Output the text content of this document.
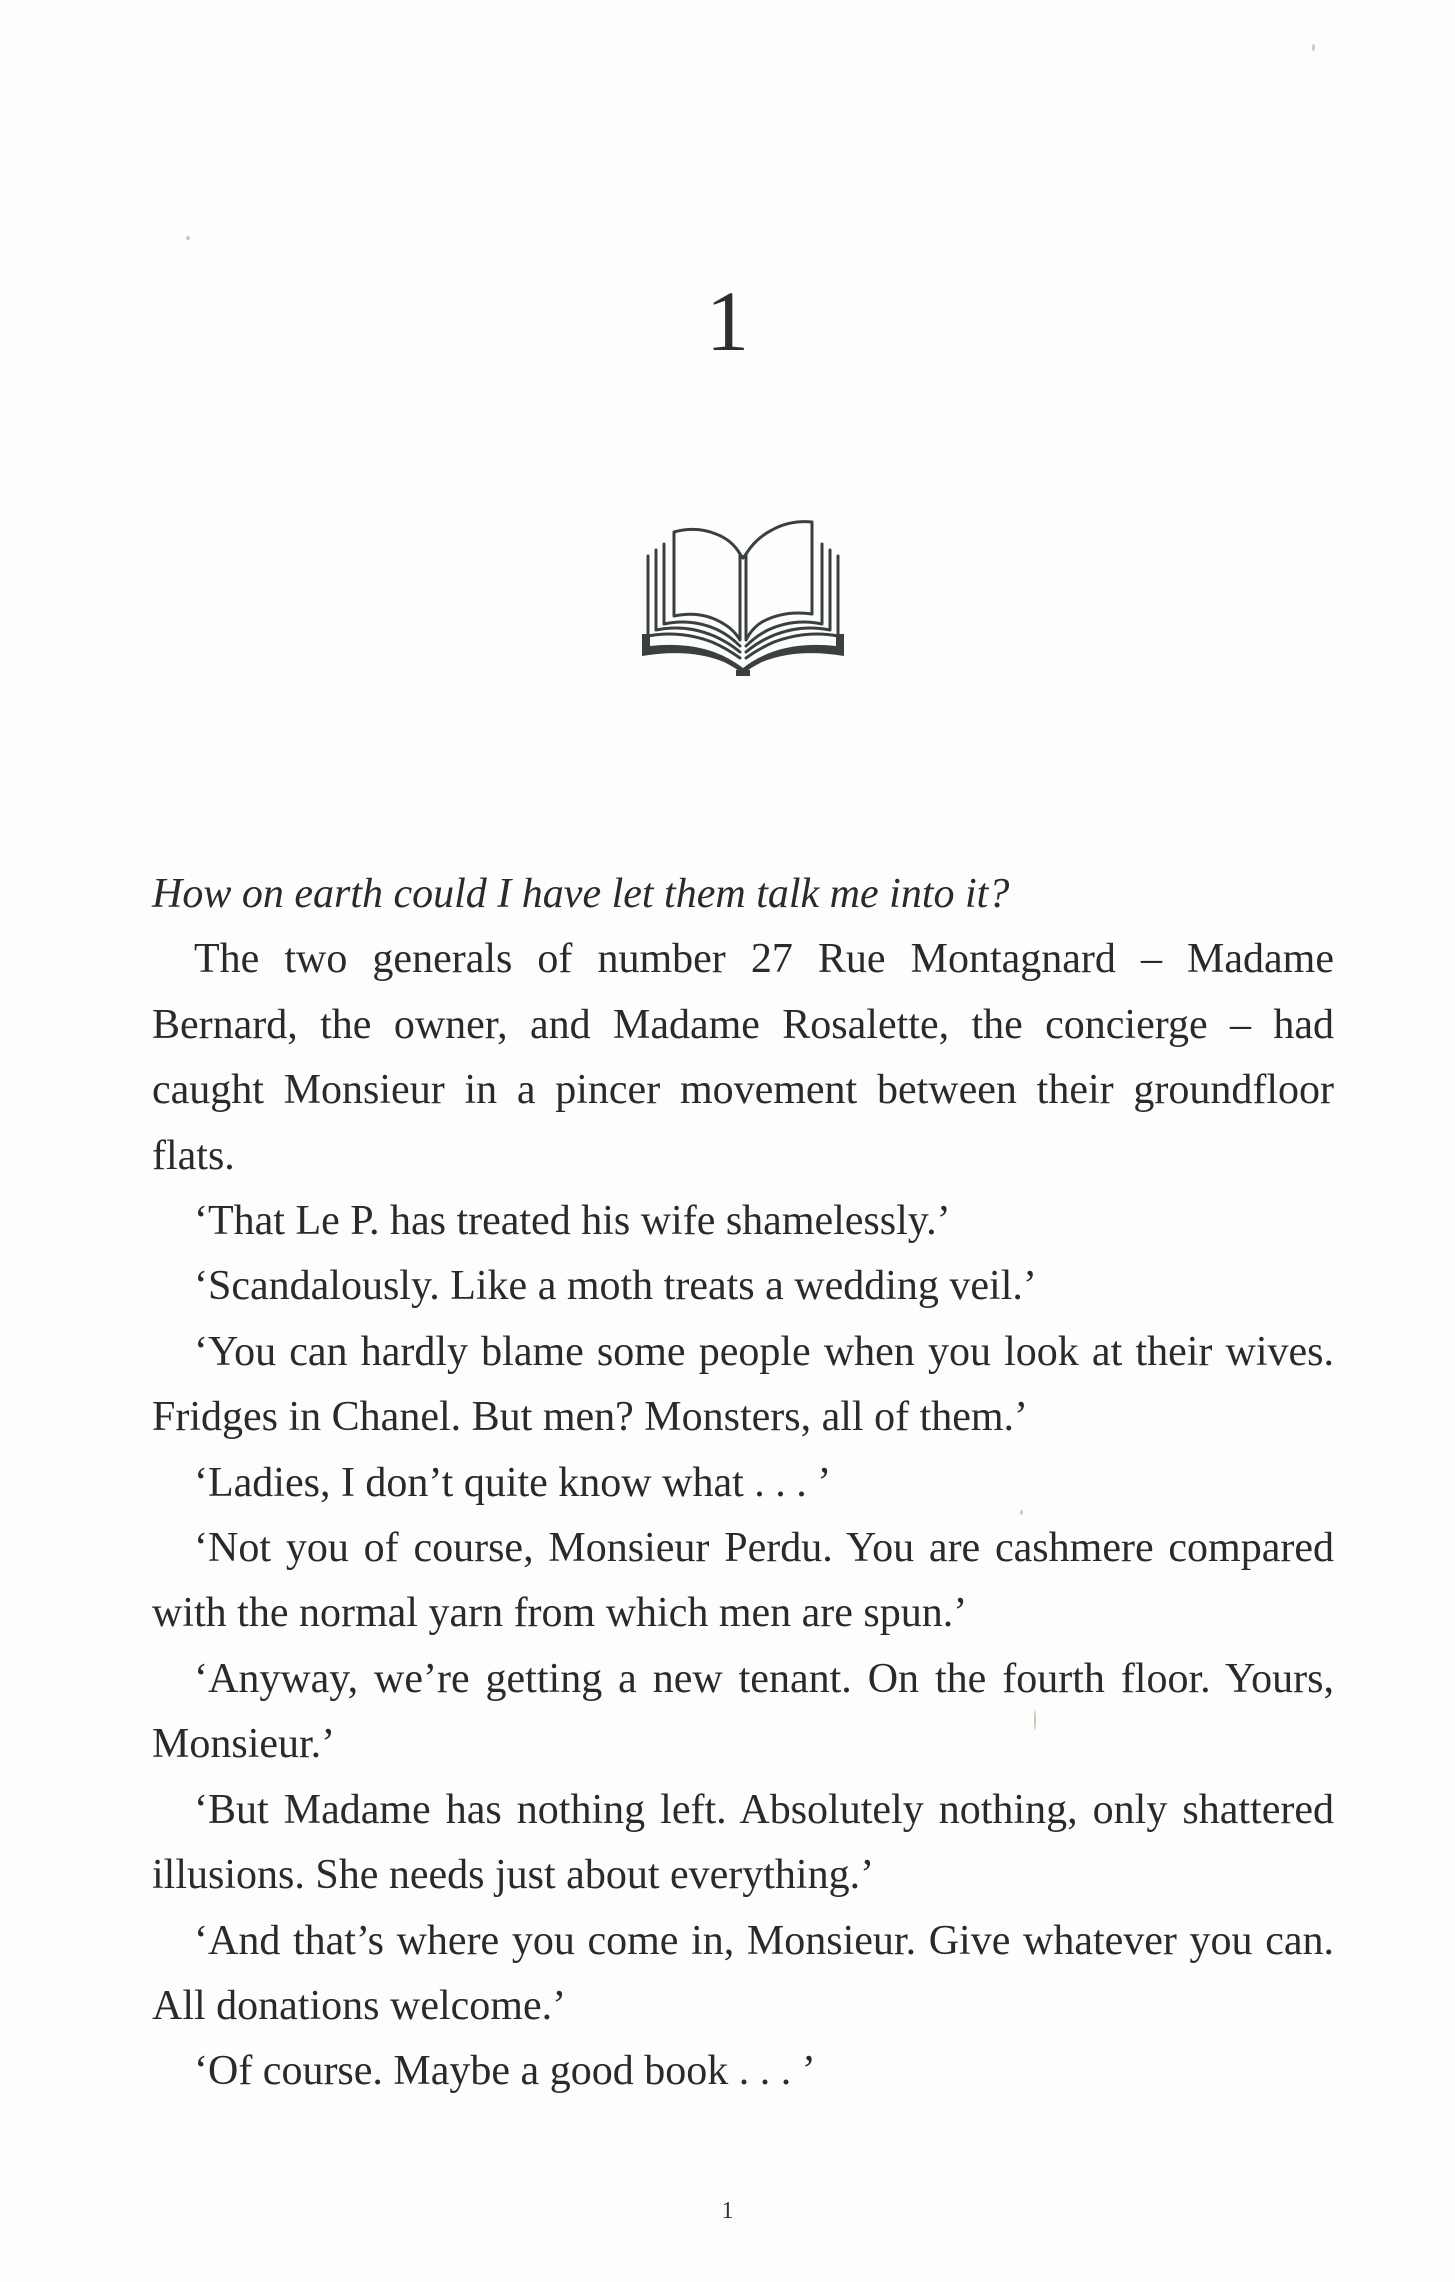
1

How on earth could I have let them talk me into it?

The two generals of number 27 Rue Montagnard – Madame Bernard, the owner, and Madame Rosalette, the concierge – had caught Monsieur in a pincer movement between their groundfloor flats.

‘That Le P. has treated his wife shamelessly.’

‘Scandalously. Like a moth treats a wedding veil.’

‘You can hardly blame some people when you look at their wives. Fridges in Chanel. But men? Monsters, all of them.’

‘Ladies, I don’t quite know what . . . ’

‘Not you of course, Monsieur Perdu. You are cashmere compared with the normal yarn from which men are spun.’

‘Anyway, we’re getting a new tenant. On the fourth floor. Yours, Monsieur.’

‘But Madame has nothing left. Absolutely nothing, only shattered illusions. She needs just about everything.’

‘And that’s where you come in, Monsieur. Give whatever you can. All donations welcome.’

‘Of course. Maybe a good book . . . ’

1
